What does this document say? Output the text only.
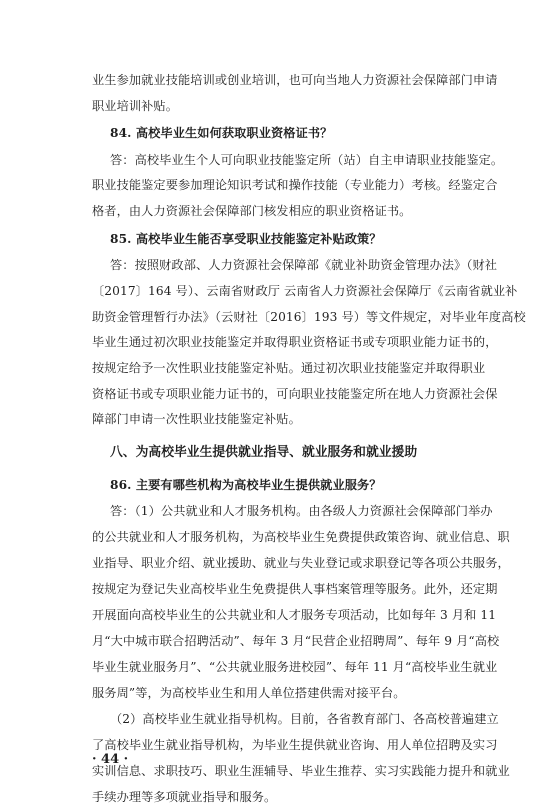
业生参加就业技能培训或创业培训，也可向当地人力资源社会保障部门申请
职业培训补贴。
84. 高校毕业生如何获取职业资格证书？
答：高校毕业生个人可向职业技能鉴定所（站）自主申请职业技能鉴定。
职业技能鉴定要参加理论知识考试和操作技能（专业能力）考核。经鉴定合
格者，由人力资源社会保障部门核发相应的职业资格证书。
85. 高校毕业生能否享受职业技能鉴定补贴政策？
答：按照财政部、人力资源社会保障部《就业补助资金管理办法》（财社
〔2017〕164 号）、云南省财政厅 云南省人力资源社会保障厅《云南省就业补
助资金管理暂行办法》（云财社〔2016〕193 号）等文件规定，对毕业年度高校
毕业生通过初次职业技能鉴定并取得职业资格证书或专项职业能力证书的，
按规定给予一次性职业技能鉴定补贴。通过初次职业技能鉴定并取得职业
资格证书或专项职业能力证书的，可向职业技能鉴定所在地人力资源社会保
障部门申请一次性职业技能鉴定补贴。
八、为高校毕业生提供就业指导、就业服务和就业援助
86. 主要有哪些机构为高校毕业生提供就业服务？
答：（1）公共就业和人才服务机构。由各级人力资源社会保障部门举办
的公共就业和人才服务机构，为高校毕业生免费提供政策咨询、就业信息、职
业指导、职业介绍、就业援助、就业与失业登记或求职登记等各项公共服务，
按规定为登记失业高校毕业生免费提供人事档案管理等服务。此外，还定期
开展面向高校毕业生的公共就业和人才服务专项活动，比如每年 3 月和 11
月“大中城市联合招聘活动”、每年 3 月“民营企业招聘周”、每年 9 月“高校
毕业生就业服务月”、“公共就业服务进校园”、每年 11 月“高校毕业生就业
服务周”等，为高校毕业生和用人单位搭建供需对接平台。
（2）高校毕业生就业指导机构。目前，各省教育部门、各高校普遍建立
了高校毕业生就业指导机构，为毕业生提供就业咨询、用人单位招聘及实习
实训信息、求职技巧、职业生涯辅导、毕业生推荐、实习实践能力提升和就业
手续办理等多项就业指导和服务。
· 44 ·
